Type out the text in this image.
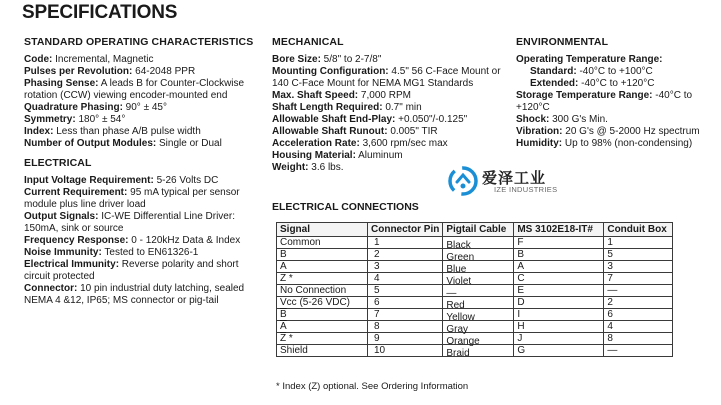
SPECIFICATIONS
STANDARD OPERATING CHARACTERISTICS

Code: Incremental, Magnetic

Pulses per Revolution: 64-2048 PPR

Phasing Sense: A leads B for Counter-Clockwise rotation (CCW) viewing encoder-mounted end

Quadrature Phasing: 90° ± 45°

Symmetry: 180° ± 54°

Index: Less than phase A/B pulse width

Number of Output Modules: Single or Dual

ELECTRICAL

Input Voltage Requirement: 5-26 Volts DC

Current Requirement: 95 mA typical per sensor module plus line driver load

Output Signals: IC-WE Differential Line Driver: 150mA, sink or source

Frequency Response: 0 - 120kHz Data & Index

Noise Immunity: Tested to EN61326-1

Electrical Immunity: Reverse polarity and short circuit protected

Connector: 10 pin industrial duty latching, sealed NEMA 4 &12, IP65; MS connector or pig-tail

MECHANICAL

Bore Size: 5/8" to 2-7/8"

Mounting Configuration: 4.5" 56 C-Face Mount or 140 C-Face Mount for NEMA MG1 Standards

Max. Shaft Speed: 7,000 RPM

Shaft Length Required: 0.7" min

Allowable Shaft End-Play: +0.050"/-0.125"

Allowable Shaft Runout: 0.005" TIR

Acceleration Rate: 3,600 rpm/sec max

Housing Material: Aluminum

Weight: 3.6 lbs.

ENVIRONMENTAL

Operating Temperature Range:

Standard: -40°C to +100°C

Extended: -40°C to +120°C

Storage Temperature Range: -40°C to +120°C

Shock: 300 G's Min.

Vibration: 20 G's @ 5-2000 Hz spectrum

Humidity: Up to 98% (non-condensing)

爱泽工业
IZE INDUSTRIES
ELECTRICAL CONNECTIONS
Signal	Connector Pin	Pigtail Cable	MS 3102E18-IT#	Conduit Box
Common	1	Black	F	1
B	2	Green	B	5
A	3	Blue	A	3
Z *	4	Violet	C	7
No Connection	5	—	E	—
Vcc (5-26 VDC)	6	Red	D	2
$\overline{B}$	7	Yellow	I	6
$\overline{A}$	8	Gray	H	4
$\overline{Z}$ *	9	Orange	J	8
Shield	10	Braid	G	—
* Index (Z) optional. See Ordering Information
